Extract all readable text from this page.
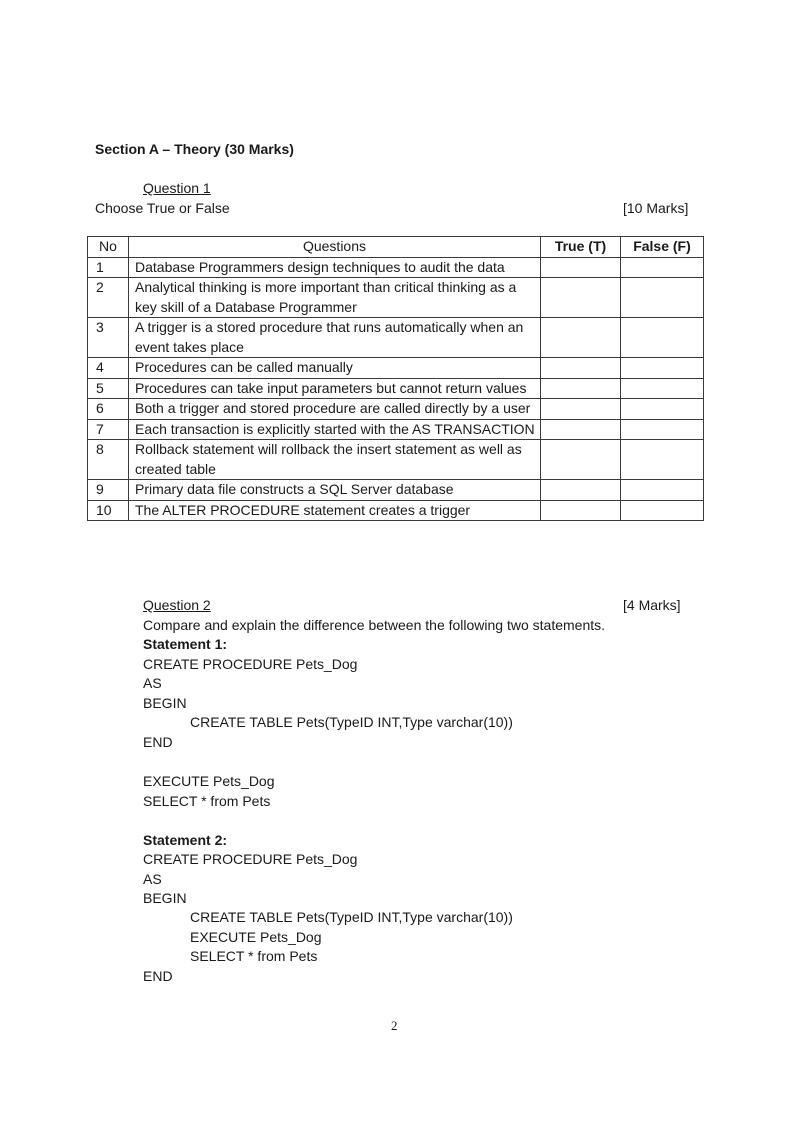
Section A – Theory (30 Marks)
Question 1
Choose True or False	[10 Marks]
No	Questions	True (T)	False (F)
1	Database Programmers design techniques to audit the data		
2	Analytical thinking is more important than critical thinking as a key skill of a Database Programmer		
3	A trigger is a stored procedure that runs automatically when an event takes place		
4	Procedures can be called manually		
5	Procedures can take input parameters but cannot return values		
6	Both a trigger and stored procedure are called directly by a user		
7	Each transaction is explicitly started with the AS TRANSACTION		
8	Rollback statement will rollback the insert statement as well as created table		
9	Primary data file constructs a SQL Server database		
10	The ALTER PROCEDURE statement creates a trigger		
Question 2	[4 Marks]
Compare and explain the difference between the following two statements.
Statement 1:
CREATE PROCEDURE Pets_Dog
AS
BEGIN
CREATE TABLE Pets(TypeID INT,Type varchar(10))
END
EXECUTE Pets_Dog
SELECT * from Pets
Statement 2:
CREATE PROCEDURE Pets_Dog
AS
BEGIN
CREATE TABLE Pets(TypeID INT,Type varchar(10))
EXECUTE Pets_Dog
SELECT * from Pets
END
2
